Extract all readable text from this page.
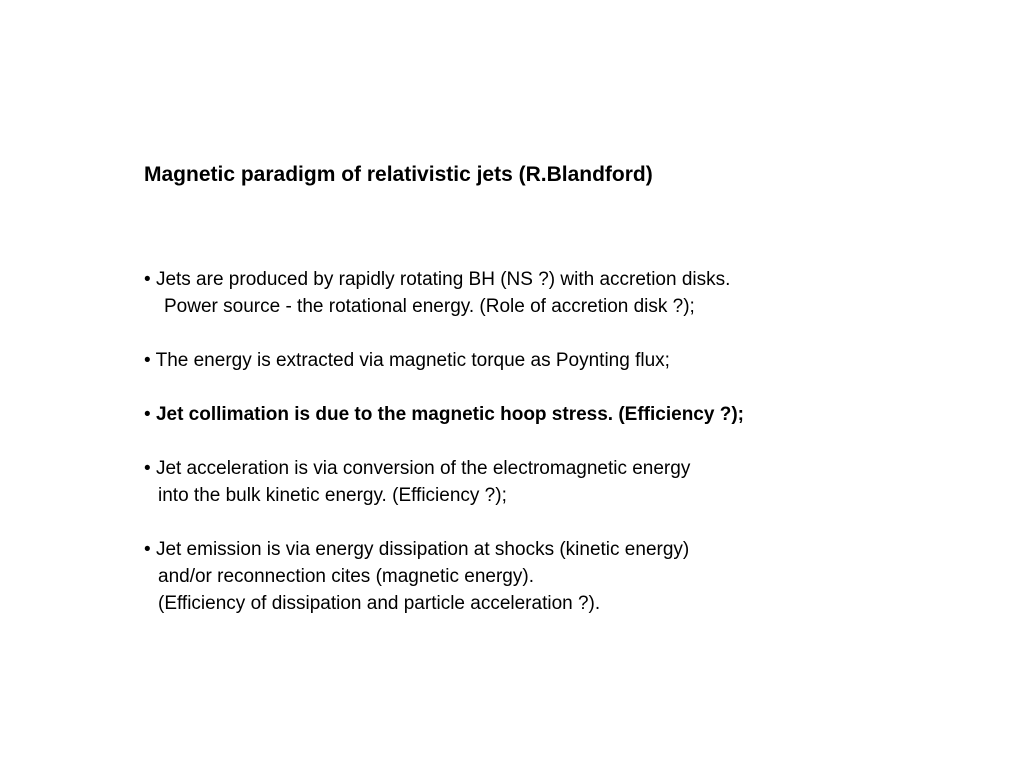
Magnetic paradigm of relativistic jets (R.Blandford)
• Jets are produced by rapidly rotating BH (NS ?) with accretion disks.
Power source - the rotational energy. (Role of accretion disk ?);
• The energy is extracted via magnetic torque as Poynting flux;
• Jet collimation is due to the magnetic hoop stress. (Efficiency ?);
• Jet acceleration is via conversion of the electromagnetic energy
into the bulk kinetic energy. (Efficiency ?);
• Jet emission is via energy dissipation at shocks (kinetic energy)
and/or reconnection cites (magnetic energy).
(Efficiency of dissipation and particle acceleration ?).
